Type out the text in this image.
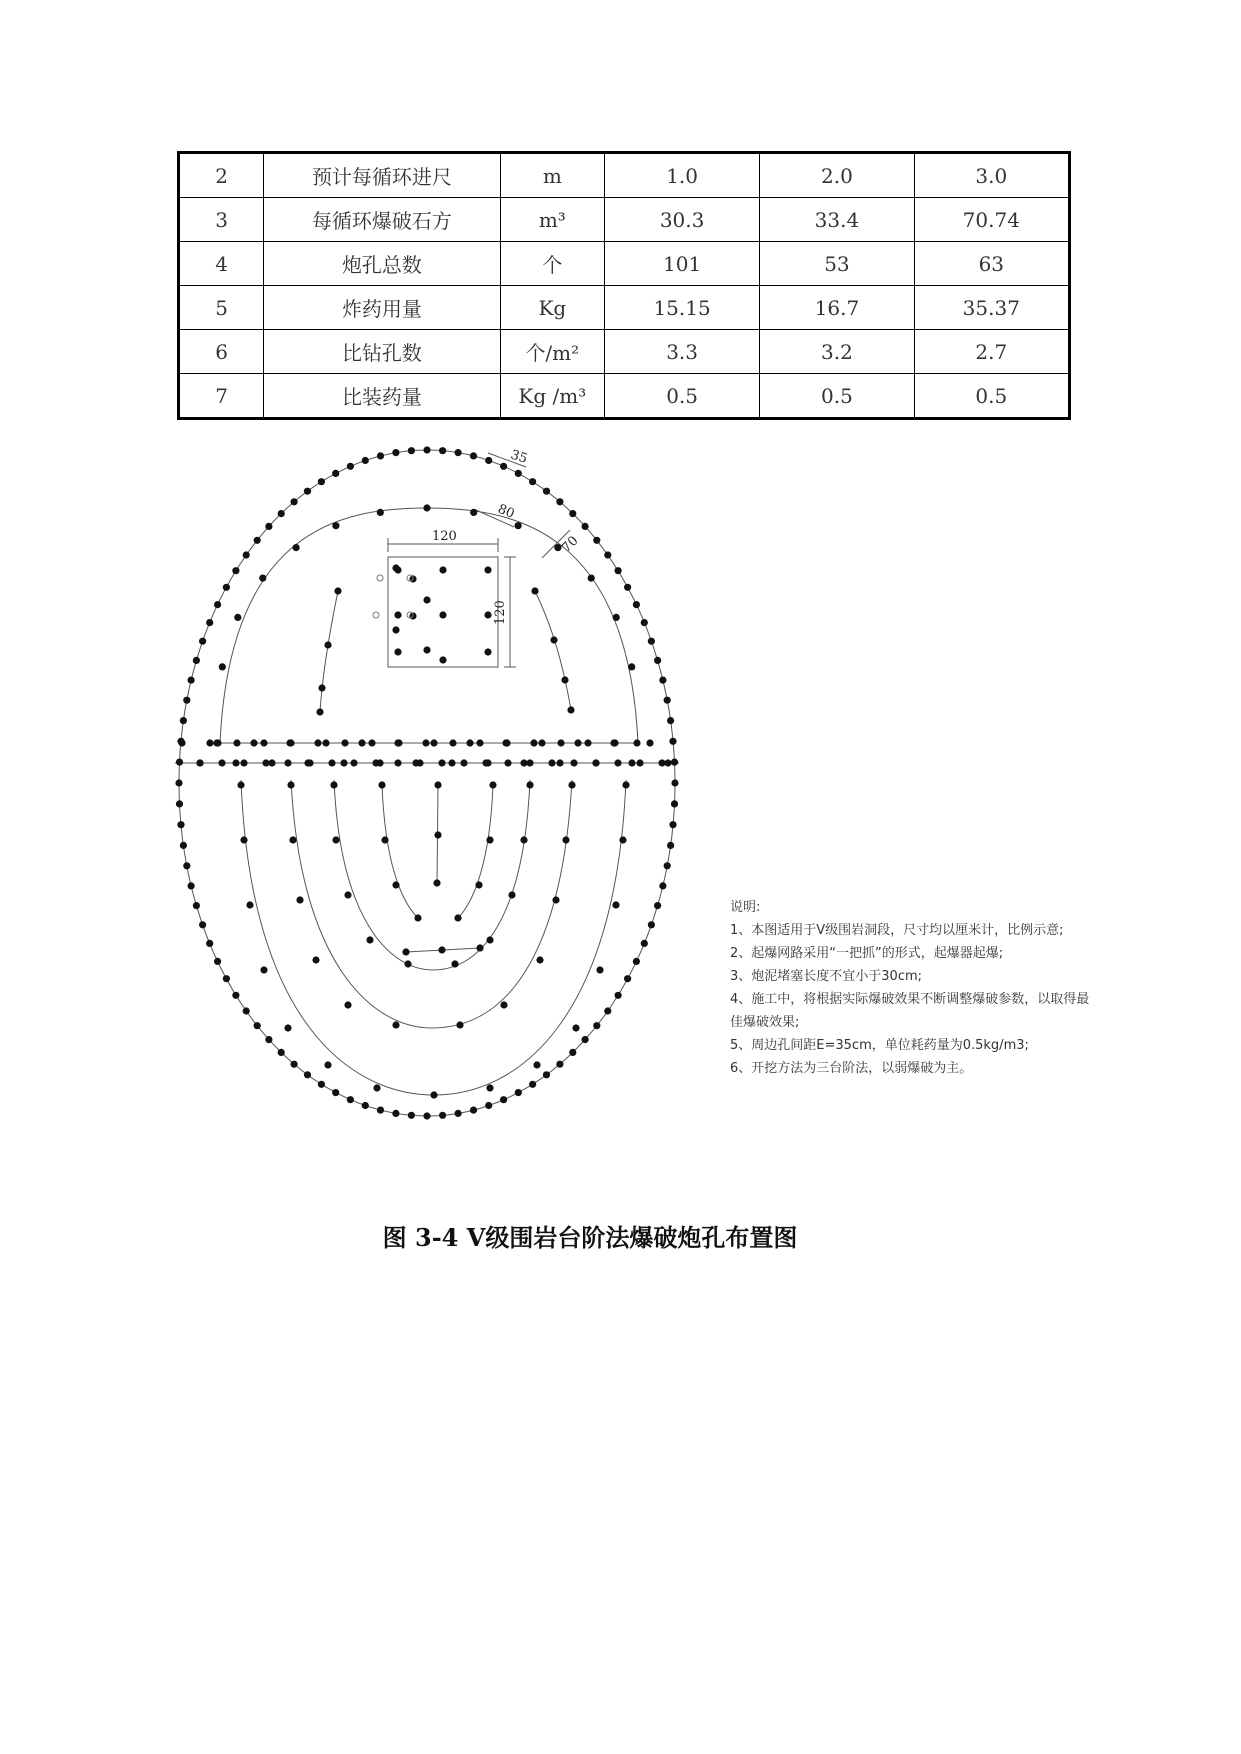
2	预计每循环进尺	m	1.0	2.0	3.0
3	每循环爆破石方	m³	30.3	33.4	70.74
4	炮孔总数	个	101	53	63
5	炸药用量	Kg	15.15	16.7	35.37
6	比钻孔数	个/m²	3.3	3.2	2.7
7	比装药量	Kg /m³	0.5	0.5	0.5
35
80
70
120
120
说明:
1、本图适用于Ⅴ级围岩洞段，尺寸均以厘米计，比例示意;
2、起爆网路采用“一把抓”的形式，起爆器起爆;
3、炮泥堵塞长度不宜小于30cm;
4、施工中，将根据实际爆破效果不断调整爆破参数，以取得最佳爆破效果;
5、周边孔间距E=35cm，单位耗药量为0.5kg/m3;
6、开挖方法为三台阶法，以弱爆破为主。
图 3-4 Ⅴ级围岩台阶法爆破炮孔布置图
